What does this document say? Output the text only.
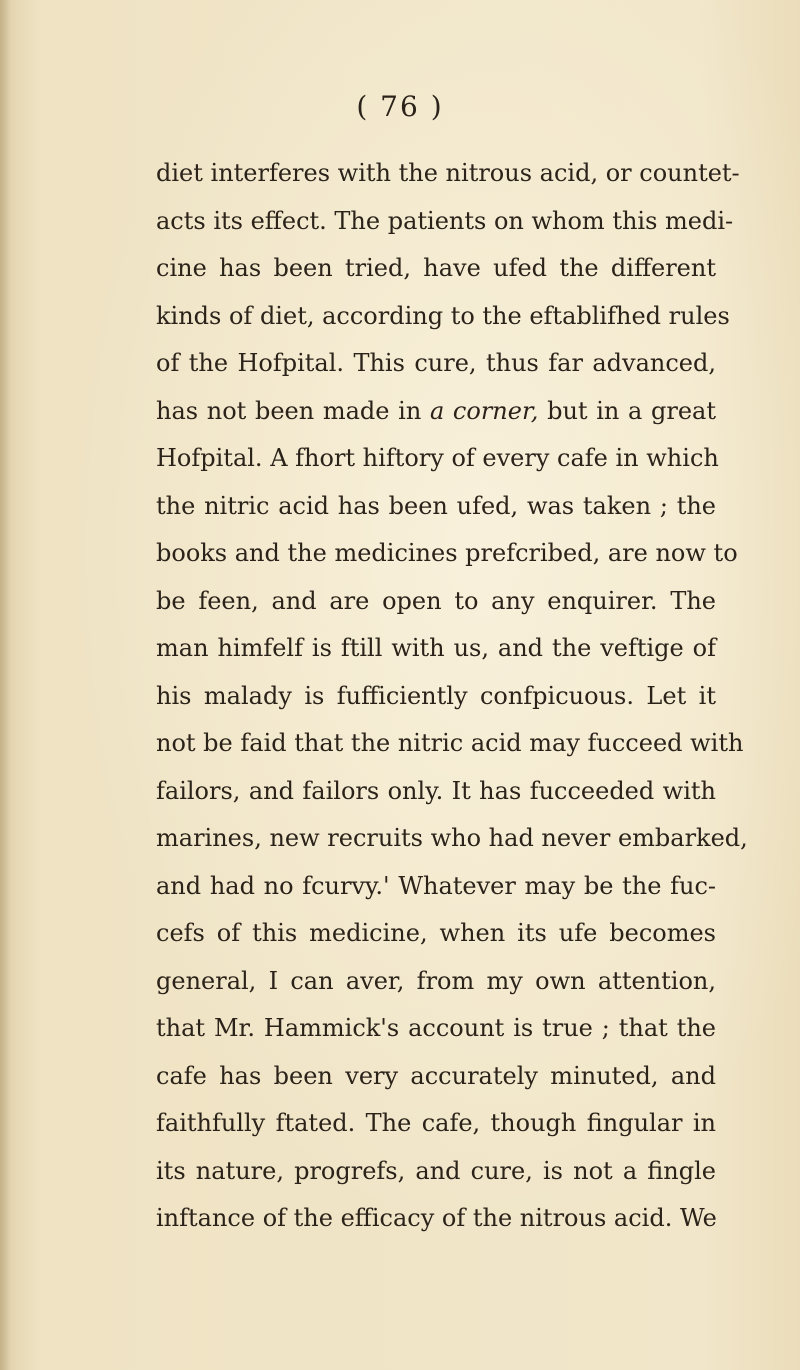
( 76 )
diet interferes with the nitrous acid, or countet-
acts its effect. The patients on whom this medi-
cine has been tried, have ufed the different
kinds of diet, according to the eftablifhed rules
of the Hofpital. This cure, thus far advanced,
has not been made in a corner, but in a great
Hofpital. A fhort hiftory of every cafe in which
the nitric acid has been ufed, was taken ; the
books and the medicines prefcribed, are now to
be feen, and are open to any enquirer. The
man himfelf is ftill with us, and the veftige of
his malady is fufficiently confpicuous. Let it
not be faid that the nitric acid may fucceed with
failors, and failors only. It has fucceeded with
marines, new recruits who had never embarked,
and had no fcurvy.' Whatever may be the fuc-
cefs of this medicine, when its ufe becomes
general, I can aver, from my own attention,
that Mr. Hammick's account is true ; that the
cafe has been very accurately minuted, and
faithfully ftated. The cafe, though fingular in
its nature, progrefs, and cure, is not a fingle
inftance of the efficacy of the nitrous acid. We
